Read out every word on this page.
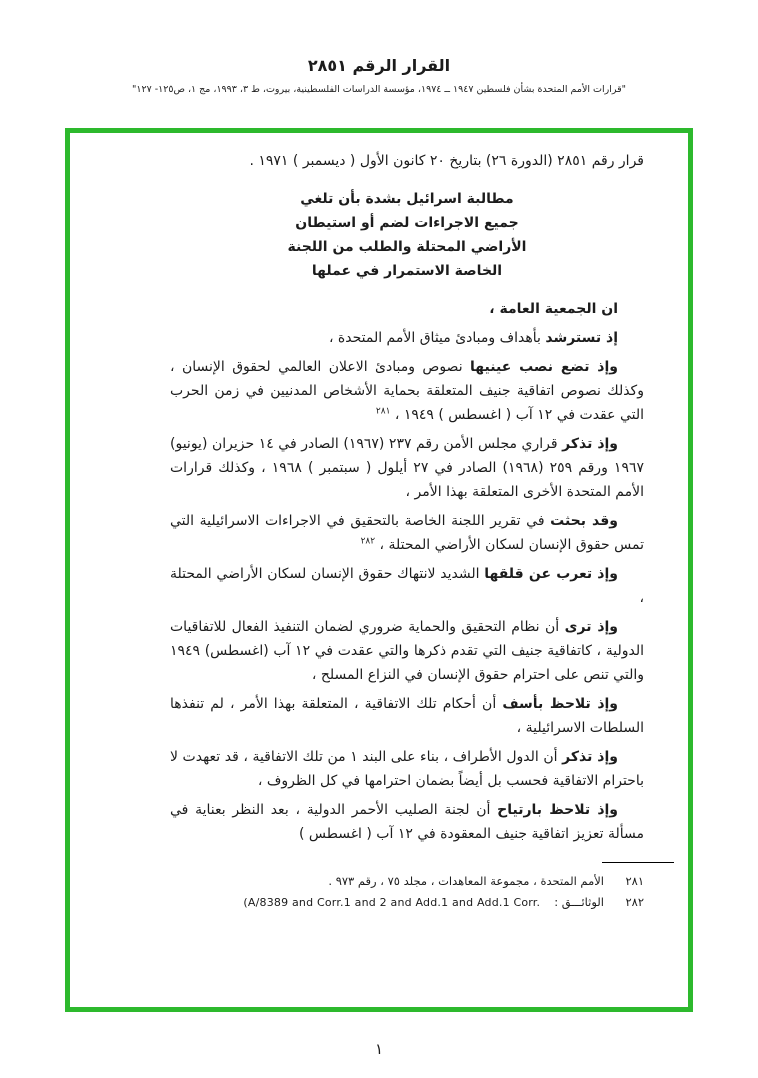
القرار الرقم ٢٨٥١
"قرارات الأمم المتحدة بشأن فلسطين ١٩٤٧ ــ ١٩٧٤، مؤسسة الدراسات الفلسطينية، بيروت، ط ٣، ١٩٩٣، مج ١، ص١٢٥- ١٢٧"

قرار رقم ٢٨٥١ (الدورة ٢٦) بتاريخ ٢٠ كانون الأول ( ديسمبر ) ١٩٧١ .

مطالبة اسرائيل بشدة بأن تلغي
جميع الاجراءات لضم أو استيطان
الأراضي المحتلة والطلب من اللجنة
الخاصة الاستمرار في عملها

ان الجمعية العامة ،

إذ تسترشد بأهداف ومبادئ ميثاق الأمم المتحدة ،

وإذ تضع نصب عينيها نصوص ومبادئ الاعلان العالمي لحقوق الإنسان ، وكذلك نصوص اتفاقية جنيف المتعلقة بحماية الأشخاص المدنيين في زمن الحرب التي عقدت في ١٢ آب ( اغسطس ) ١٩٤٩ ، $^{٢٨١}$

وإذ تذكر قراري مجلس الأمن رقم ٢٣٧ (١٩٦٧) الصادر في ١٤ حزيران (يونيو) ١٩٦٧ ورقم ٢٥٩ (١٩٦٨) الصادر في ٢٧ أيلول ( سبتمبر ) ١٩٦٨ ، وكذلك قرارات الأمم المتحدة الأخرى المتعلقة بهذا الأمر ،

وقد بحثت في تقرير اللجنة الخاصة بالتحقيق في الاجراءات الاسرائيلية التي تمس حقوق الإنسان لسكان الأراضي المحتلة ، $^{٢٨٢}$

وإذ تعرب عن قلقها الشديد لانتهاك حقوق الإنسان لسكان الأراضي المحتلة ،

وإذ ترى أن نظام التحقيق والحماية ضروري لضمان التنفيذ الفعال للاتفاقيات الدولية ، كاتفاقية جنيف التي تقدم ذكرها والتي عقدت في ١٢ آب (اغسطس) ١٩٤٩ والتي تنص على احترام حقوق الإنسان في النزاع المسلح ،

وإذ تلاحظ بأسف أن أحكام تلك الاتفاقية ، المتعلقة بهذا الأمر ، لم تنفذها السلطات الاسرائيلية ،

وإذ تذكر أن الدول الأطراف ، بناء على البند ١ من تلك الاتفاقية ، قد تعهدت لا باحترام الاتفاقية فحسب بل أيضاً بضمان احترامها في كل الظروف ،

وإذ تلاحظ بارتياح أن لجنة الصليب الأحمر الدولية ، بعد النظر بعناية في مسألة تعزيز اتفاقية جنيف المعقودة في ١٢ آب ( اغسطس )

٢٨١
الأمم المتحدة ، مجموعة المعاهدات ، مجلد ٧٥ ، رقم ٩٧٣ .
٢٨٢
الوثائـــق :
(A/8389 and Corr.1 and 2 and Add.1 and Add.1 Corr.
١
